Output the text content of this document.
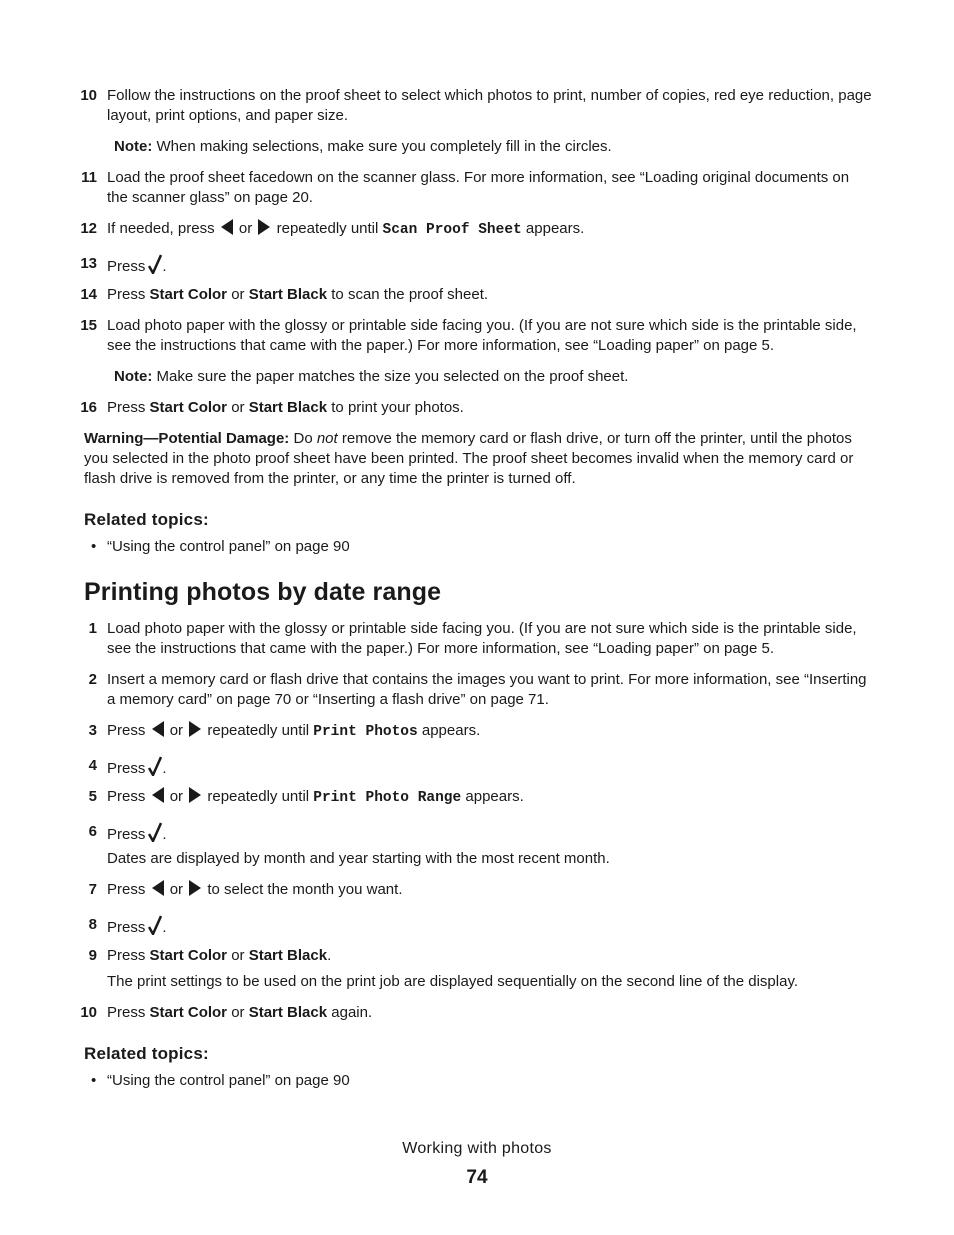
10 Follow the instructions on the proof sheet to select which photos to print, number of copies, red eye reduction, page layout, print options, and paper size.
Note: When making selections, make sure you completely fill in the circles.
11 Load the proof sheet facedown on the scanner glass. For more information, see “Loading original documents on the scanner glass” on page 20.
12 If needed, press or repeatedly until Scan Proof Sheet appears.
13 Press .
14 Press Start Color or Start Black to scan the proof sheet.
15 Load photo paper with the glossy or printable side facing you. (If you are not sure which side is the printable side, see the instructions that came with the paper.) For more information, see “Loading paper” on page 5.
Note: Make sure the paper matches the size you selected on the proof sheet.
16 Press Start Color or Start Black to print your photos.
Warning—Potential Damage: Do not remove the memory card or flash drive, or turn off the printer, until the photos you selected in the photo proof sheet have been printed. The proof sheet becomes invalid when the memory card or flash drive is removed from the printer, or any time the printer is turned off.
Related topics:
• “Using the control panel” on page 90
Printing photos by date range
1 Load photo paper with the glossy or printable side facing you. (If you are not sure which side is the printable side, see the instructions that came with the paper.) For more information, see “Loading paper” on page 5.
2 Insert a memory card or flash drive that contains the images you want to print. For more information, see “Inserting a memory card” on page 70 or “Inserting a flash drive” on page 71.
3 Press or repeatedly until Print Photos appears.
4 Press .
5 Press or repeatedly until Print Photo Range appears.
6 Press .
Dates are displayed by month and year starting with the most recent month.
7 Press or to select the month you want.
8 Press .
9 Press Start Color or Start Black.
The print settings to be used on the print job are displayed sequentially on the second line of the display.
10 Press Start Color or Start Black again.
Related topics:
• “Using the control panel” on page 90
Working with photos
74
